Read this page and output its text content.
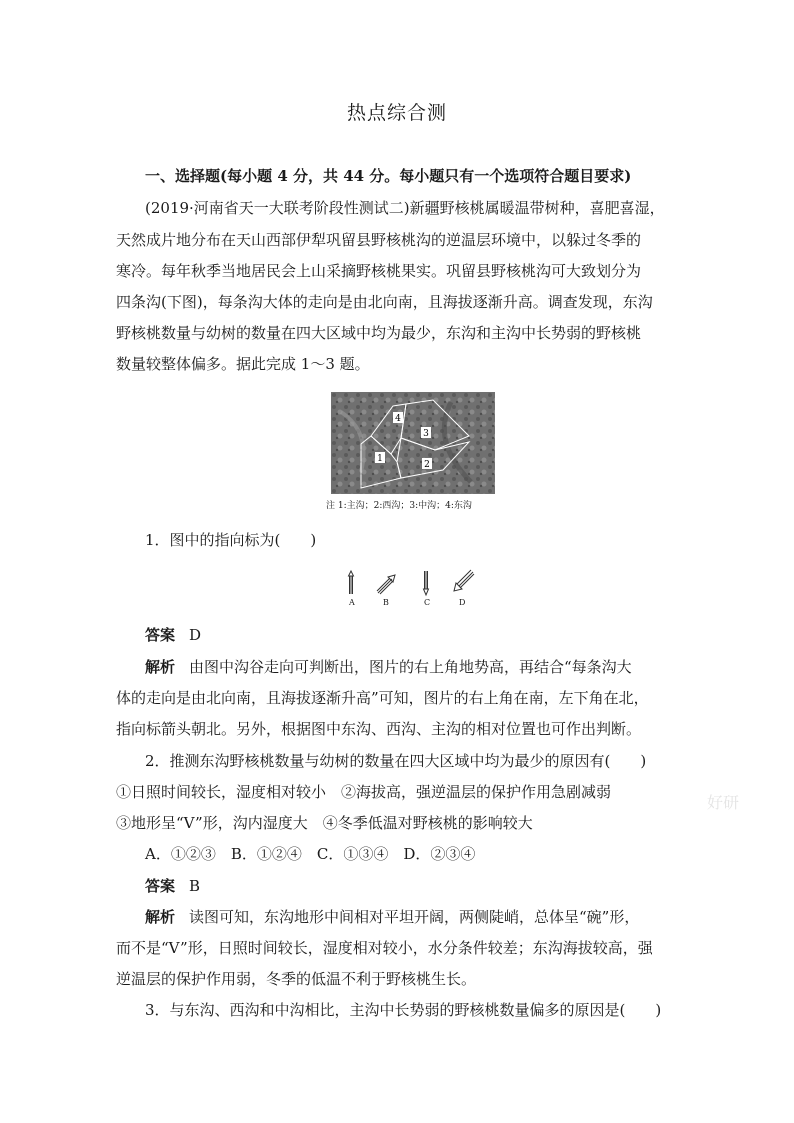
热点综合测
一、选择题(每小题 4 分，共 44 分。每小题只有一个选项符合题目要求)
(2019·河南省天一大联考阶段性测试二)新疆野核桃属暖温带树种，喜肥喜湿，
天然成片地分布在天山西部伊犁巩留县野核桃沟的逆温层环境中，以躲过冬季的
寒冷。每年秋季当地居民会上山采摘野核桃果实。巩留县野核桃沟可大致划分为
四条沟(下图)，每条沟大体的走向是由北向南，且海拔逐渐升高。调查发现，东沟
野核桃数量与幼树的数量在四大区域中均为最少，东沟和主沟中长势弱的野核桃
数量较整体偏多。据此完成 1～3 题。
1
2
3
4
注 1:主沟；2:西沟；3:中沟；4:东沟
1．图中的指向标为(　　)
A	B	C	D
答案 D
解析 由图中沟谷走向可判断出，图片的右上角地势高，再结合“每条沟大
体的走向是由北向南，且海拔逐渐升高”可知，图片的右上角在南，左下角在北，
指向标箭头朝北。另外，根据图中东沟、西沟、主沟的相对位置也可作出判断。
2．推测东沟野核桃数量与幼树的数量在四大区域中均为最少的原因有(　　)
①日照时间较长，湿度相对较小　②海拔高，强逆温层的保护作用急剧减弱
③地形呈“V”形，沟内湿度大　④冬季低温对野核桃的影响较大
A．①②③　B．①②④　C．①③④　D．②③④
答案 B
解析 读图可知，东沟地形中间相对平坦开阔，两侧陡峭，总体呈“碗”形，
而不是“V”形，日照时间较长，湿度相对较小，水分条件较差；东沟海拔较高，强
逆温层的保护作用弱，冬季的低温不利于野核桃生长。
3．与东沟、西沟和中沟相比，主沟中长势弱的野核桃数量偏多的原因是(　　)
好研
